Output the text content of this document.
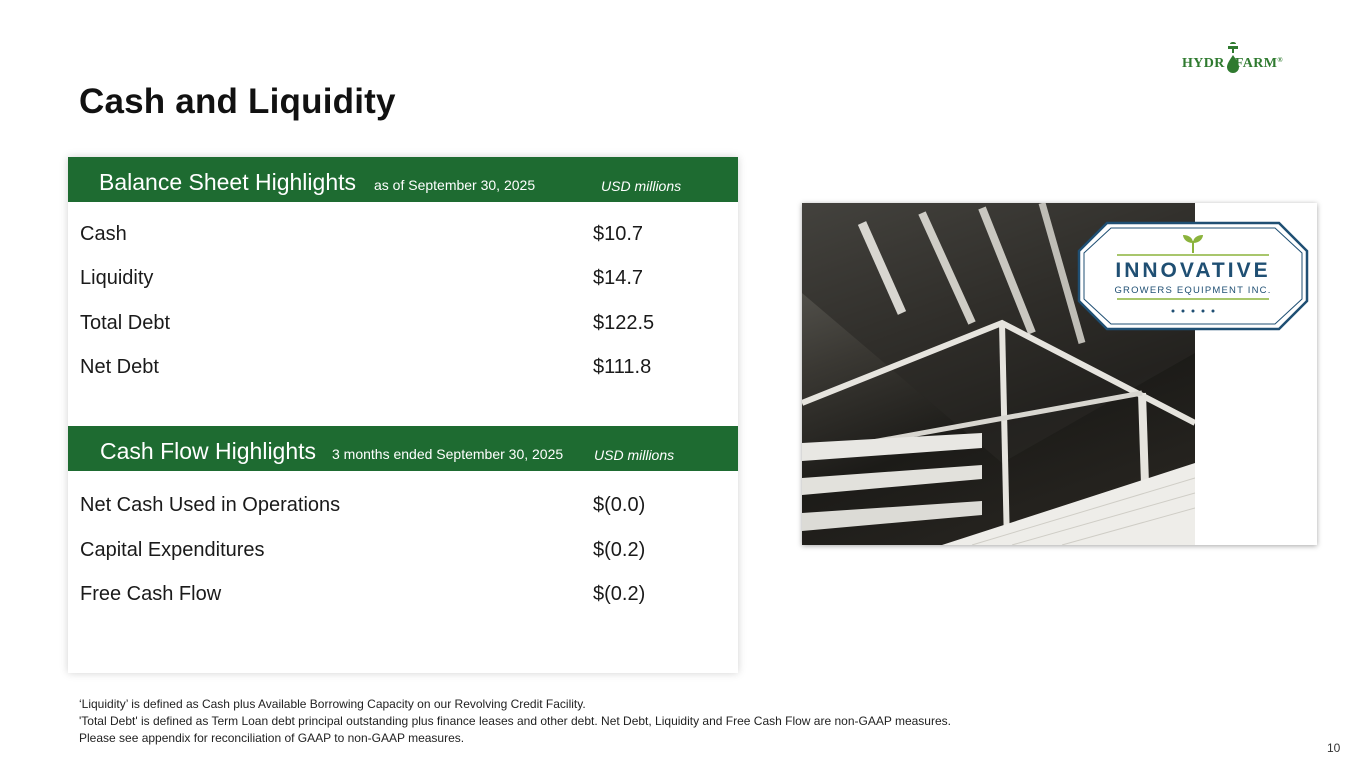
Cash and Liquidity
HYDR FARM®
Balance Sheet Highlights as of September 30, 2025	USD millions
Cash	$10.7
Liquidity	$14.7
Total Debt	$122.5
Net Debt	$111.8
Cash Flow Highlights 3 months ended September 30, 2025 USD millions
Net Cash Used in Operations	$(0.0)
Capital Expenditures	$(0.2)
Free Cash Flow	$(0.2)
INNOVATIVE
GROWERS EQUIPMENT INC.
‘Liquidity’ is defined as Cash plus Available Borrowing Capacity on our Revolving Credit Facility.
'Total Debt' is defined as Term Loan debt principal outstanding plus finance leases and other debt. Net Debt, Liquidity and Free Cash Flow are non-GAAP measures.
Please see appendix for reconciliation of GAAP to non-GAAP measures.
10
